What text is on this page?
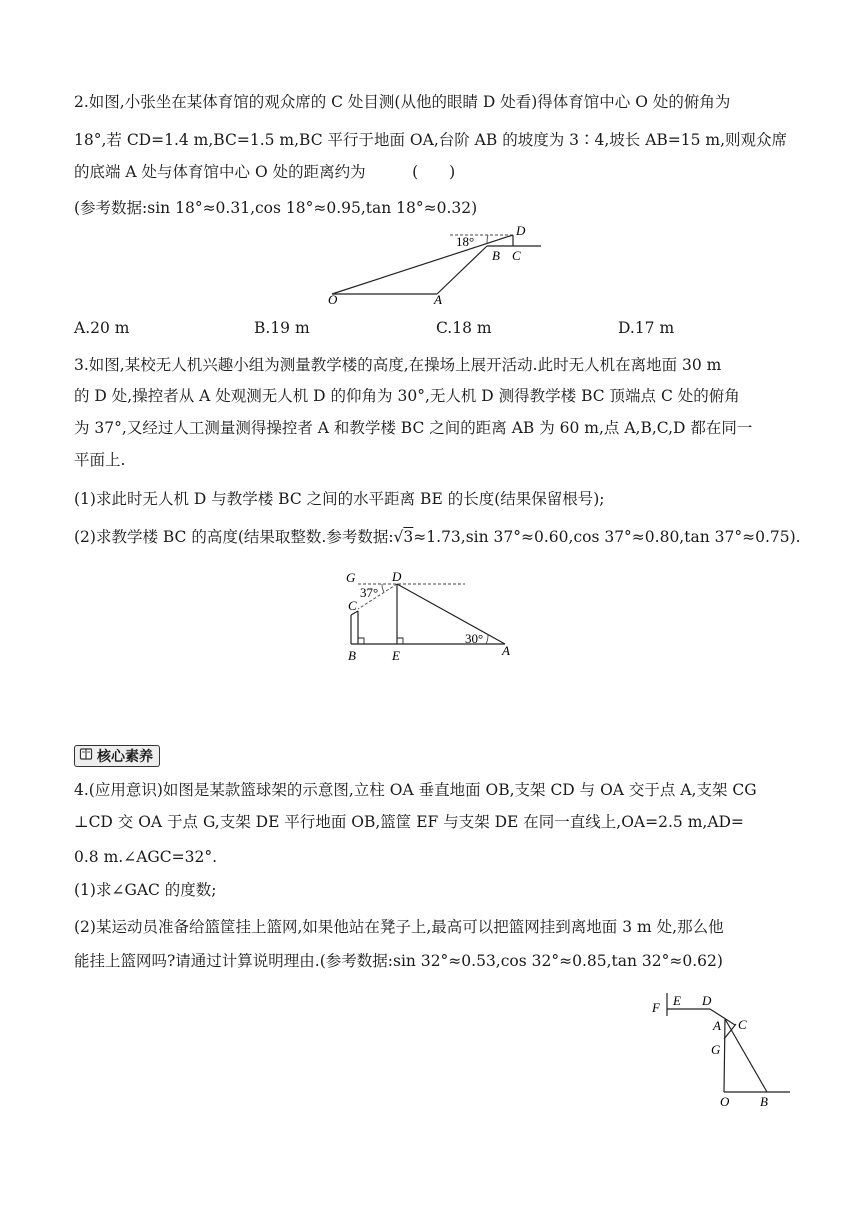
2.如图,小张坐在某体育馆的观众席的 C 处目测(从他的眼睛 D 处看)得体育馆中心 O 处的俯角为
18°,若 CD=1.4 m,BC=1.5 m,BC 平行于地面 OA,台阶 AB 的坡度为 3∶4,坡长 AB=15 m,则观众席
的底端 A 处与体育馆中心 O 处的距离约为　　　(　　)
(参考数据:sin 18°≈0.31,cos 18°≈0.95,tan 18°≈0.32)
18°
O	A
B C
D
A.20 m	B.19 m	C.18 m	D.17 m
3.如图,某校无人机兴趣小组为测量教学楼的高度,在操场上展开活动.此时无人机在离地面 30 m
的 D 处,操控者从 A 处观测无人机 D 的仰角为 30°,无人机 D 测得教学楼 BC 顶端点 C 处的俯角
为 37°,又经过人工测量测得操控者 A 和教学楼 BC 之间的距离 AB 为 60 m,点 A,B,C,D 都在同一
平面上.
(1)求此时无人机 D 与教学楼 BC 之间的水平距离 BE 的长度(结果保留根号);
(2)求教学楼 BC 的高度(结果取整数.参考数据:√3≈1.73,sin 37°≈0.60,cos 37°≈0.80,tan 37°≈0.75).
37°
30°
G	D
C
B	E	A
核心素养
4.(应用意识)如图是某款篮球架的示意图,立柱 OA 垂直地面 OB,支架 CD 与 OA 交于点 A,支架 CG
⊥CD 交 OA 于点 G,支架 DE 平行地面 OB,篮筐 EF 与支架 DE 在同一直线上,OA=2.5 m,AD=
0.8 m.∠AGC=32°.
(1)求∠GAC 的度数;
(2)某运动员准备给篮筐挂上篮网,如果他站在凳子上,最高可以把篮网挂到离地面 3 m 处,那么他
能挂上篮网吗?请通过计算说明理由.(参考数据:sin 32°≈0.53,cos 32°≈0.85,tan 32°≈0.62)
F E D
A C
G
O B
